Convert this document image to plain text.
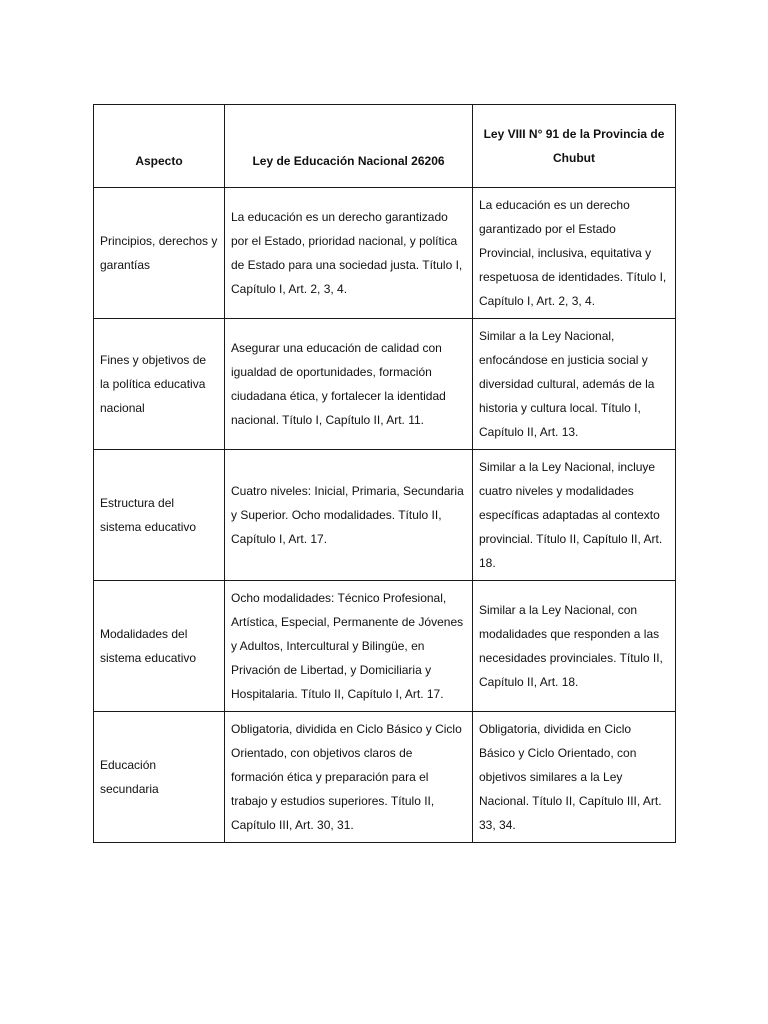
Aspecto	Ley de Educación Nacional 26206	Ley VIII N° 91 de la Provincia de Chubut
Principios, derechos y garantías	La educación es un derecho garantizado por el Estado, prioridad nacional, y política de Estado para una sociedad justa. Título I, Capítulo I, Art. 2, 3, 4.	La educación es un derecho garantizado por el Estado Provincial, inclusiva, equitativa y respetuosa de identidades. Título I, Capítulo I, Art. 2, 3, 4.
Fines y objetivos de la política educativa nacional	Asegurar una educación de calidad con igualdad de oportunidades, formación ciudadana ética, y fortalecer la identidad nacional. Título I, Capítulo II, Art. 11.	Similar a la Ley Nacional, enfocándose en justicia social y diversidad cultural, además de la historia y cultura local. Título I, Capítulo II, Art. 13.
Estructura del sistema educativo	Cuatro niveles: Inicial, Primaria, Secundaria y Superior. Ocho modalidades. Título II, Capítulo I, Art. 17.	Similar a la Ley Nacional, incluye cuatro niveles y modalidades específicas adaptadas al contexto provincial. Título II, Capítulo II, Art. 18.
Modalidades del sistema educativo	Ocho modalidades: Técnico Profesional, Artística, Especial, Permanente de Jóvenes y Adultos, Intercultural y Bilingüe, en Privación de Libertad, y Domiciliaria y Hospitalaria. Título II, Capítulo I, Art. 17.	Similar a la Ley Nacional, con modalidades que responden a las necesidades provinciales. Título II, Capítulo II, Art. 18.
Educación secundaria	Obligatoria, dividida en Ciclo Básico y Ciclo Orientado, con objetivos claros de formación ética y preparación para el trabajo y estudios superiores. Título II, Capítulo III, Art. 30, 31.	Obligatoria, dividida en Ciclo Básico y Ciclo Orientado, con objetivos similares a la Ley Nacional. Título II, Capítulo III, Art. 33, 34.
